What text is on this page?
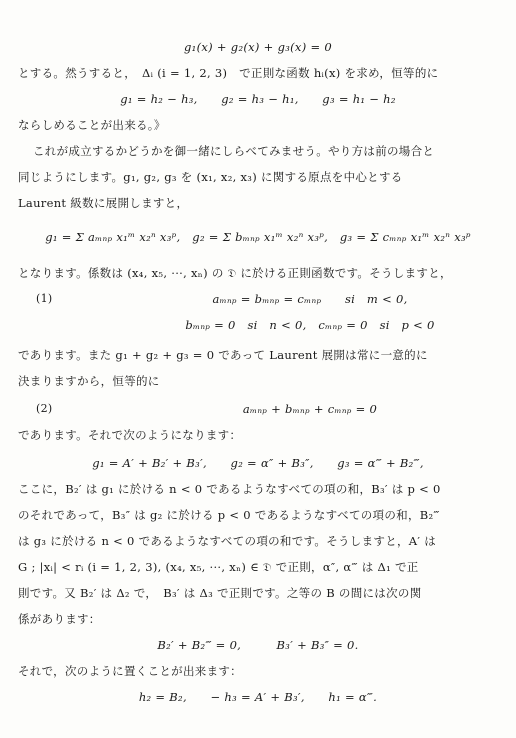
g₁(x) + g₂(x) + g₃(x) = 0
とする。然うすると，　Δᵢ (i = 1, 2, 3)　で正則な函数 hᵢ(x) を求め，恒等的に
g₁ = h₂ − h₃,　　g₂ = h₃ − h₁,　　g₃ = h₁ − h₂
ならしめることが出来る。》
これが成立するかどうかを御一緒にしらべてみませう。やり方は前の場合と
同じようにします。g₁, g₂, g₃ を (x₁, x₂, x₃) に関する原点を中心とする
Laurent 級数に展開しますと，
g₁ = Σ aₘₙₚ x₁ᵐ x₂ⁿ x₃ᵖ,　g₂ = Σ bₘₙₚ x₁ᵐ x₂ⁿ x₃ᵖ,　g₃ = Σ cₘₙₚ x₁ᵐ x₂ⁿ x₃ᵖ
となります。係数は (x₄, x₅, ···, xₙ) の 𝔇 に於ける正則函数です。そうしますと，
(1)	aₘₙₚ = bₘₙₚ = cₘₙₚ　　si　m < 0,
bₘₙₚ = 0　si　n < 0,　cₘₙₚ = 0　si　p < 0
であります。また g₁ + g₂ + g₃ = 0 であって Laurent 展開は常に一意的に
決まりますから，恒等的に
(2)	aₘₙₚ + bₘₙₚ + cₘₙₚ = 0
であります。それで次のようになります：
g₁ = A′ + B₂′ + B₃′,　　g₂ = α″ + B₃″,　　g₃ = α‴ + B₂‴,
ここに，B₂′ は g₁ に於ける n < 0 であるようなすべての項の和，B₃′ は p < 0
のそれであって，B₃″ は g₂ に於ける p < 0 であるようなすべての項の和，B₂‴
は g₃ に於ける n < 0 であるようなすべての項の和です。そうしますと，A′ は
G ; |xᵢ| < rᵢ (i = 1, 2, 3), (x₄, x₅, ···, xₙ) ∈ 𝔇 で正則，α″, α‴ は Δ₁ で正
則です。又 B₂′ は Δ₂ で，　B₃′ は Δ₃ で正則です。之等の B の間には次の関
係があります：
B₂′ + B₂‴ = 0,　　　B₃′ + B₃″ = 0.
それで，次のように置くことが出来ます：
h₂ = B₂,　　− h₃ = A′ + B₃′,　　h₁ = α‴.
